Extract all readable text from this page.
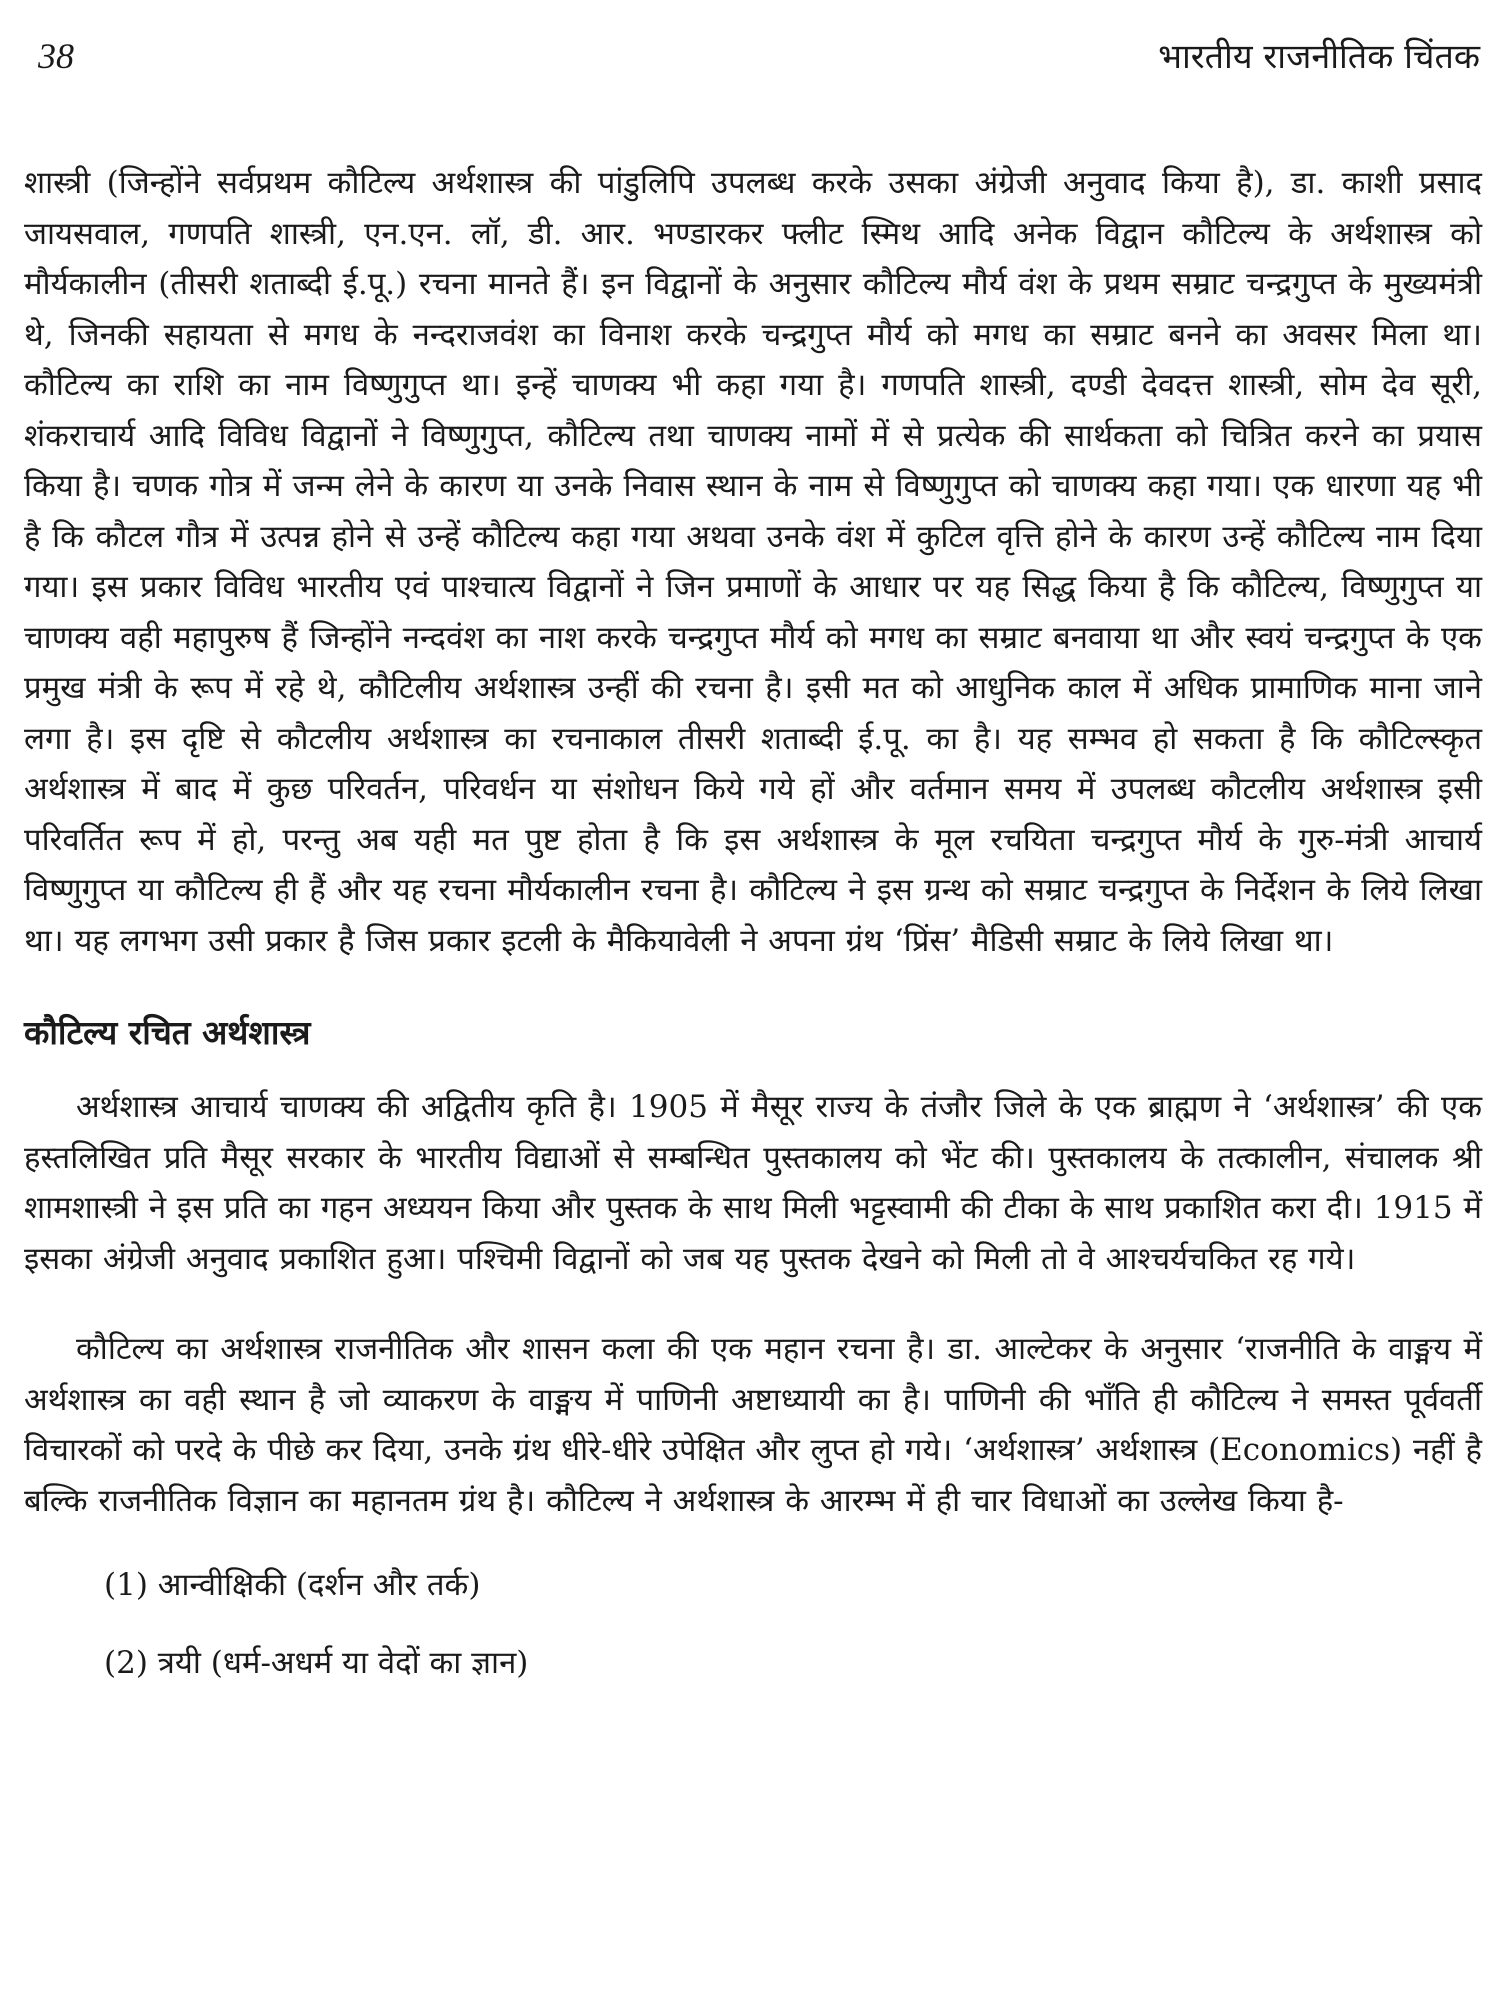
38	भारतीय राजनीतिक चिंतक

शास्त्री (जिन्होंने सर्वप्रथम कौटिल्य अर्थशास्त्र की पांडुलिपि उपलब्ध करके उसका अंग्रेजी अनुवाद किया है), डा. काशी प्रसाद जायसवाल, गणपति शास्त्री, एन.एन. लॉ, डी. आर. भण्डारकर फ्लीट स्मिथ आदि अनेक विद्वान कौटिल्य के अर्थशास्त्र को मौर्यकालीन (तीसरी शताब्दी ई.पू.) रचना मानते हैं। इन विद्वानों के अनुसार कौटिल्य मौर्य वंश के प्रथम सम्राट चन्द्रगुप्त के मुख्यमंत्री थे, जिनकी सहायता से मगध के नन्दराजवंश का विनाश करके चन्द्रगुप्त मौर्य को मगध का सम्राट बनने का अवसर मिला था। कौटिल्य का राशि का नाम विष्णुगुप्त था। इन्हें चाणक्य भी कहा गया है। गणपति शास्त्री, दण्डी देवदत्त शास्त्री, सोम देव सूरी, शंकराचार्य आदि विविध विद्वानों ने विष्णुगुप्त, कौटिल्य तथा चाणक्य नामों में से प्रत्येक की सार्थकता को चित्रित करने का प्रयास किया है। चणक गोत्र में जन्म लेने के कारण या उनके निवास स्थान के नाम से विष्णुगुप्त को चाणक्य कहा गया। एक धारणा यह भी है कि कौटल गौत्र में उत्पन्न होने से उन्हें कौटिल्य कहा गया अथवा उनके वंश में कुटिल वृत्ति होने के कारण उन्हें कौटिल्य नाम दिया गया। इस प्रकार विविध भारतीय एवं पाश्चात्य विद्वानों ने जिन प्रमाणों के आधार पर यह सिद्ध किया है कि कौटिल्य, विष्णुगुप्त या चाणक्य वही महापुरुष हैं जिन्होंने नन्दवंश का नाश करके चन्द्रगुप्त मौर्य को मगध का सम्राट बनवाया था और स्वयं चन्द्रगुप्त के एक प्रमुख मंत्री के रूप में रहे थे, कौटिलीय अर्थशास्त्र उन्हीं की रचना है। इसी मत को आधुनिक काल में अधिक प्रामाणिक माना जाने लगा है। इस दृष्टि से कौटलीय अर्थशास्त्र का रचनाकाल तीसरी शताब्दी ई.पू. का है। यह सम्भव हो सकता है कि कौटिल्स्कृत अर्थशास्त्र में बाद में कुछ परिवर्तन, परिवर्धन या संशोधन किये गये हों और वर्तमान समय में उपलब्ध कौटलीय अर्थशास्त्र इसी परिवर्तित रूप में हो, परन्तु अब यही मत पुष्ट होता है कि इस अर्थशास्त्र के मूल रचयिता चन्द्रगुप्त मौर्य के गुरु-मंत्री आचार्य विष्णुगुप्त या कौटिल्य ही हैं और यह रचना मौर्यकालीन रचना है। कौटिल्य ने इस ग्रन्थ को सम्राट चन्द्रगुप्त के निर्देशन के लिये लिखा था। यह लगभग उसी प्रकार है जिस प्रकार इटली के मैकियावेली ने अपना ग्रंथ ‘प्रिंस’ मैडिसी सम्राट के लिये लिखा था।

कौटिल्य रचित अर्थशास्त्र

अर्थशास्त्र आचार्य चाणक्य की अद्वितीय कृति है। 1905 में मैसूर राज्य के तंजौर जिले के एक ब्राह्मण ने ‘अर्थशास्त्र’ की एक हस्तलिखित प्रति मैसूर सरकार के भारतीय विद्याओं से सम्बन्धित पुस्तकालय को भेंट की। पुस्तकालय के तत्कालीन, संचालक श्री शामशास्त्री ने इस प्रति का गहन अध्ययन किया और पुस्तक के साथ मिली भट्टस्वामी की टीका के साथ प्रकाशित करा दी। 1915 में इसका अंग्रेजी अनुवाद प्रकाशित हुआ। पश्चिमी विद्वानों को जब यह पुस्तक देखने को मिली तो वे आश्चर्यचकित रह गये।

कौटिल्य का अर्थशास्त्र राजनीतिक और शासन कला की एक महान रचना है। डा. आल्टेकर के अनुसार ‘राजनीति के वाङ्मय में अर्थशास्त्र का वही स्थान है जो व्याकरण के वाङ्मय में पाणिनी अष्टाध्यायी का है। पाणिनी की भाँति ही कौटिल्य ने समस्त पूर्ववर्ती विचारकों को परदे के पीछे कर दिया, उनके ग्रंथ धीरे-धीरे उपेक्षित और लुप्त हो गये। ‘अर्थशास्त्र’ अर्थशास्त्र (Economics) नहीं है बल्कि राजनीतिक विज्ञान का महानतम ग्रंथ है। कौटिल्य ने अर्थशास्त्र के आरम्भ में ही चार विधाओं का उल्लेख किया है-

(1) आन्वीक्षिकी (दर्शन और तर्क)
(2) त्रयी (धर्म-अधर्म या वेदों का ज्ञान)
